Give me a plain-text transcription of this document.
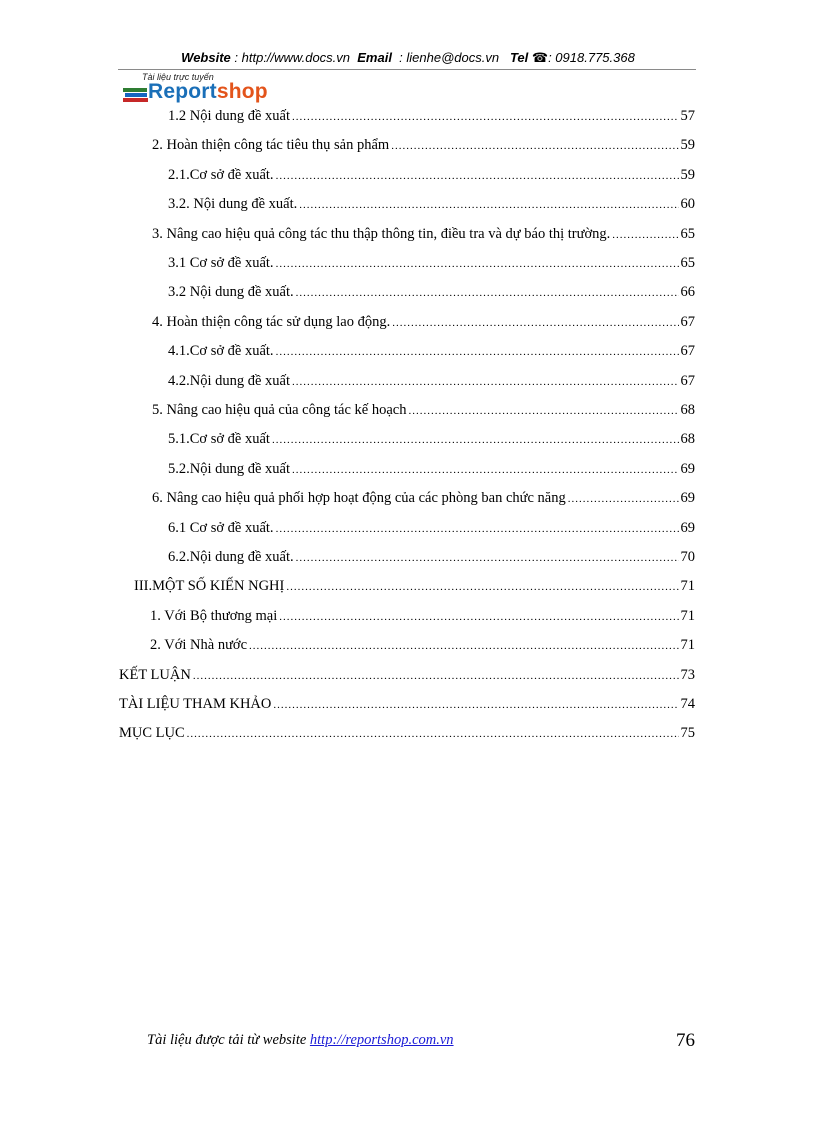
Website : http://www.docs.vn Email : lienhe@docs.vn Tel ☎: 0918.775.368
Tài liệu trực tuyến
Reportshop
1.2 Nội dung đề xuất .....	57
2. Hoàn thiện công tác tiêu thụ sản phẩm .....	59
2.1.Cơ sở đề xuất. .....	59
3.2. Nội dung đề xuất. .....	60
3. Nâng cao hiệu quả công tác thu thập thông tin, điều tra và dự báo thị trường. .....	65
3.1 Cơ sở đề xuất. .....	65
3.2 Nội dung đề xuất. .....	66
4. Hoàn thiện công tác sử dụng lao động. .....	67
4.1.Cơ sở đề xuất. .....	67
4.2.Nội dung đề xuất .....	67
5. Nâng cao hiệu quả của công tác kế hoạch .....	68
5.1.Cơ sở đề xuất .....	68
5.2.Nội dung đề xuất .....	69
6. Nâng cao hiệu quả phối hợp hoạt động của các phòng ban chức năng .....	69
6.1 Cơ sở đề xuất. .....	69
6.2.Nội dung đề xuất. .....	70
III.MỘT SỐ KIẾN NGHỊ .....	71
1. Với Bộ thương mại .....	71
2. Với Nhà nước .....	71
KẾT LUẬN .....	73
TÀI LIỆU THAM KHẢO .....	74
MỤC LỤC .....	75
Tài liệu được tải từ website http://reportshop.com.vn	76
